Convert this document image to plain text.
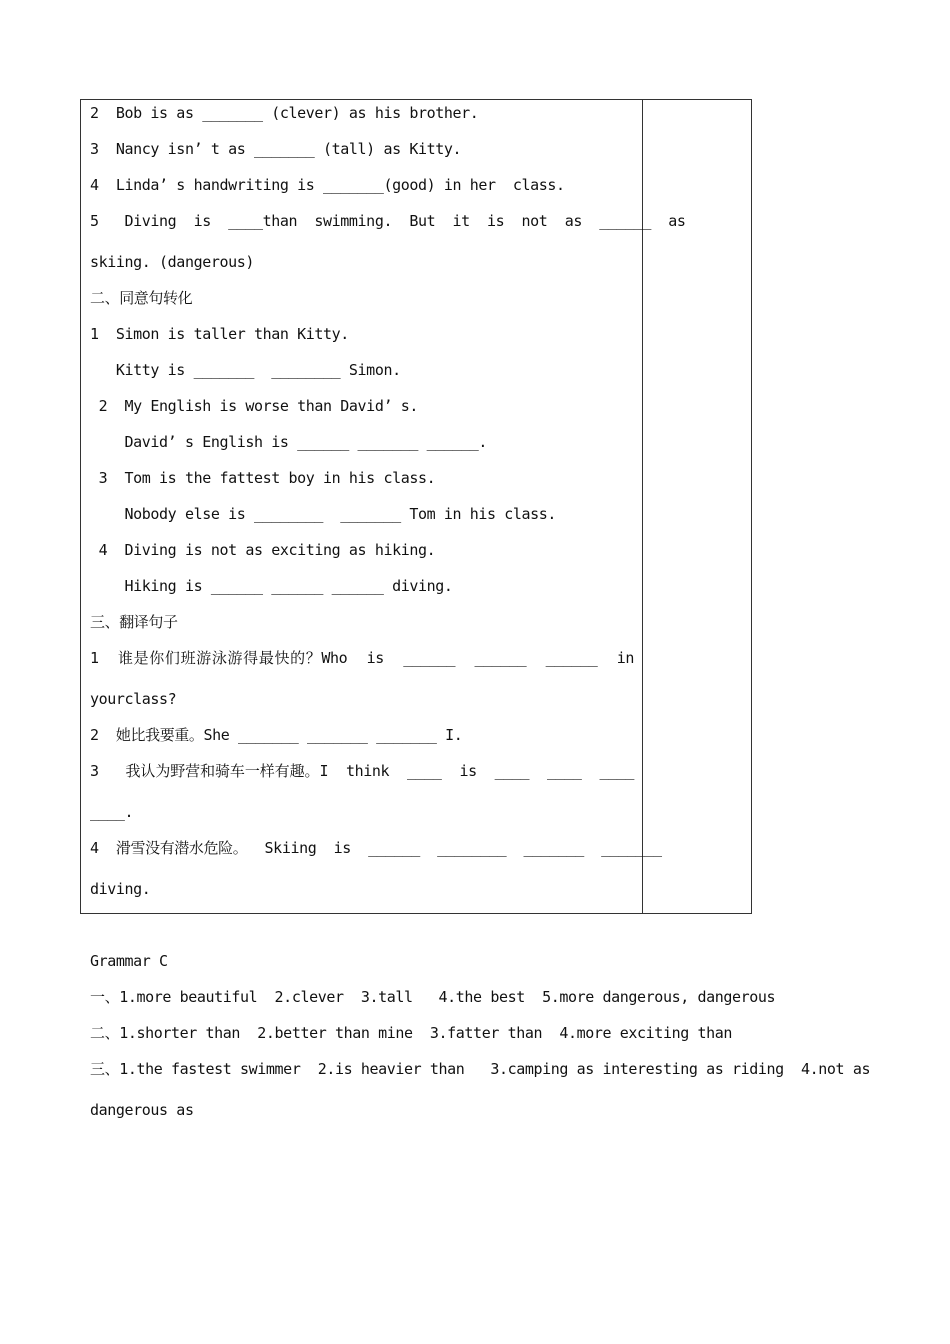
2  Bob is as _______ (clever) as his brother.
3  Nancy isn’ t as _______ (tall) as Kitty.
4  Linda’ s handwriting is _______(good) in her  class.
5   Diving  is  ____than  swimming.  But  it  is  not  as  ______  as
skiing. (dangerous)
二、同意句转化
1  Simon is taller than Kitty.
Kitty is _______  ________ Simon.
2  My English is worse than David’ s.
David’ s English is ______ _______ ______.
3  Tom is the fattest boy in his class.
Nobody else is ________  _______ Tom in his class.
4  Diving is not as exciting as hiking.
Hiking is ______ ______ ______ diving.
三、翻译句子
1  谁是你们班游泳游得最快的？Who  is  ______  ______  ______  in
yourclass?
2  她比我要重。She _______ _______ _______ I.
3   我认为野营和骑车一样有趣。I  think  ____  is  ____  ____  ____
____.
4  滑雪没有潜水危险。  Skiing  is  ______  ________  _______  _______
diving.
Grammar C
一、1.more beautiful  2.clever  3.tall   4.the best  5.more dangerous, dangerous
二、1.shorter than  2.better than mine  3.fatter than  4.more exciting than
三、1.the fastest swimmer  2.is heavier than   3.camping as interesting as riding  4.not as
dangerous as
